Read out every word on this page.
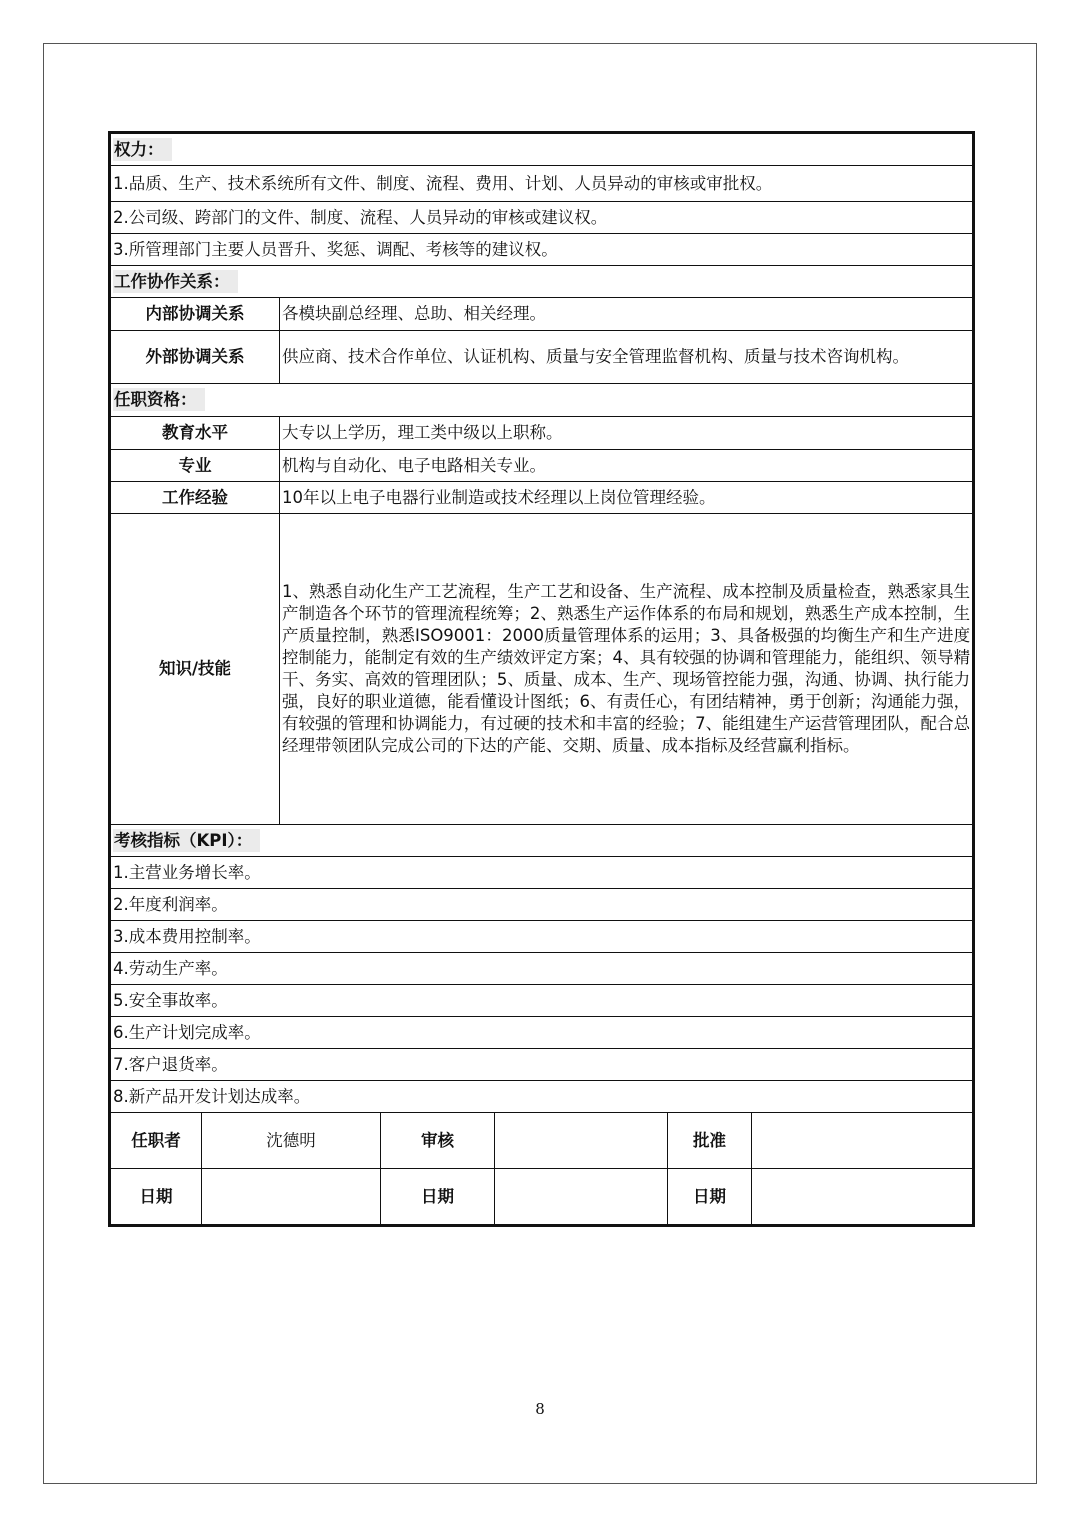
权力：						
1.品质、生产、技术系统所有文件、制度、流程、费用、计划、人员异动的审核或审批权。						
2.公司级、跨部门的文件、制度、流程、人员异动的审核或建议权。						
3.所管理部门主要人员晋升、奖惩、调配、考核等的建议权。						
工作协作关系：						
内部协调关系		各模块副总经理、总助、相关经理。				
外部协调关系		供应商、技术合作单位、认证机构、质量与安全管理监督机构、质量与技术咨询机构。				
任职资格：						
教育水平		大专以上学历，理工类中级以上职称。				
专业		机构与自动化、电子电路相关专业。				
工作经验		10年以上电子电器行业制造或技术经理以上岗位管理经验。				
知识/技能		1、熟悉自动化生产工艺流程，生产工艺和设备、生产流程、成本控制及质量检查，熟悉家具生产制造各个环节的管理流程统筹；2、熟悉生产运作体系的布局和规划，熟悉生产成本控制，生产质量控制，熟悉ISO9001：2000质量管理体系的运用；3、具备极强的均衡生产和生产进度控制能力，能制定有效的生产绩效评定方案；4、具有较强的协调和管理能力，能组织、领导精干、务实、高效的管理团队；5、质量、成本、生产、现场管控能力强，沟通、协调、执行能力强，良好的职业道德，能看懂设计图纸；6、有责任心，有团结精神，勇于创新；沟通能力强，有较强的管理和协调能力，有过硬的技术和丰富的经验；7、能组建生产运营管理团队，配合总经理带领团队完成公司的下达的产能、交期、质量、成本指标及经营赢利指标。				
考核指标（KPI）：						
1.主营业务增长率。						
2.年度利润率。						
3.成本费用控制率。						
4.劳动生产率。						
5.安全事故率。						
6.生产计划完成率。						
7.客户退货率。						
8.新产品开发计划达成率。						
任职者	沈德明		审核		批准	
日期			日期		日期	
8
